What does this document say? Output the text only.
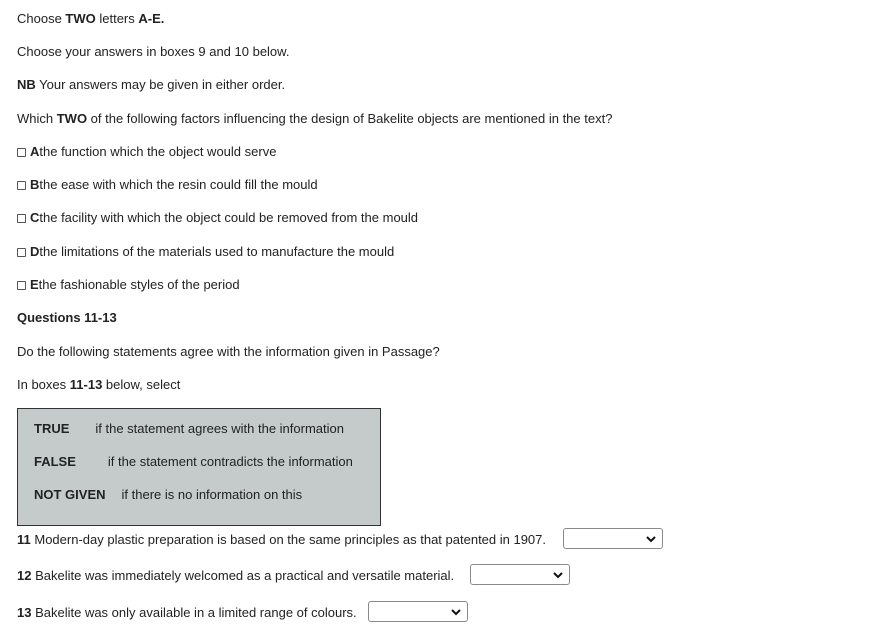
Choose TWO letters A-E.
Choose your answers in boxes 9 and 10 below.
NB Your answers may be given in either order.
Which TWO of the following factors influencing the design of Bakelite objects are mentioned in the text?
A the function which the object would serve
B the ease with which the resin could fill the mould
C the facility with which the object could be removed from the mould
D the limitations of the materials used to manufacture the mould
E the fashionable styles of the period
Questions 11-13
Do the following statements agree with the information given in Passage?
In boxes 11-13 below, select
TRUE if the statement agrees with the information
FALSE if the statement contradicts the information
NOT GIVEN if there is no information on this
11 Modern-day plastic preparation is based on the same principles as that patented in 1907.
12 Bakelite was immediately welcomed as a practical and versatile material.
13 Bakelite was only available in a limited range of colours.
